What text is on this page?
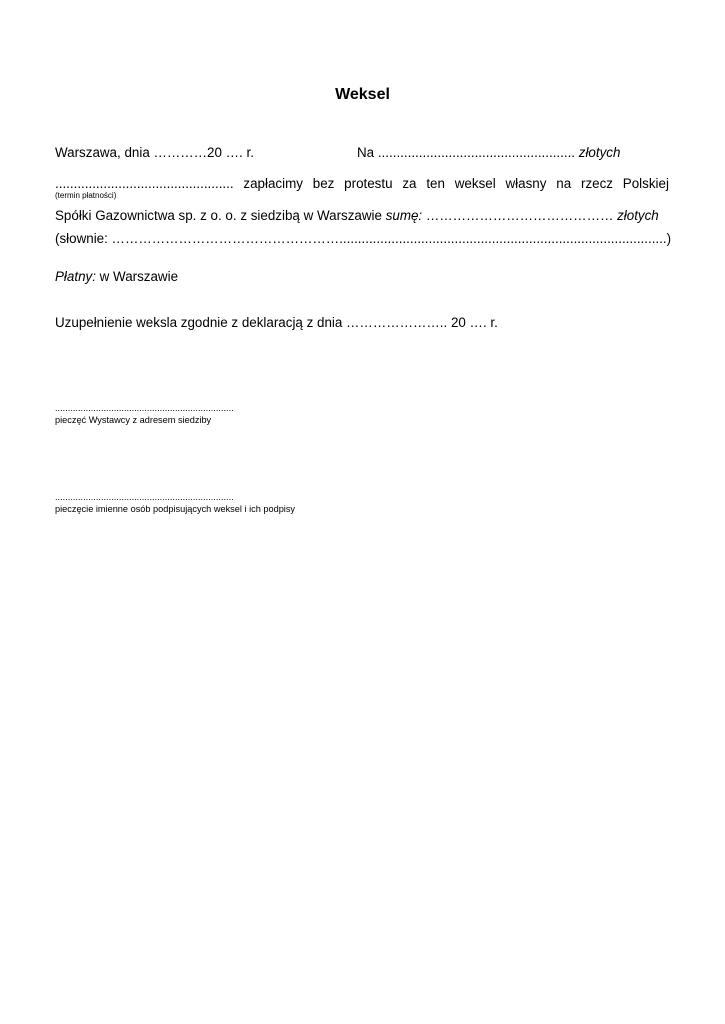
Weksel
Warszawa, dnia …………20 …. r.	Na ..................................................... złotych
................................................ zapłacimy bez protestu za ten weksel własny na rzecz Polskiej
(termin płatności)
Spółki Gazownictwa sp. z o. o. z siedzibą w Warszawie sumę: …………………………………… złotych
(słownie: ……………………………………………........................................................................................)
Płatny: w Warszawie
Uzupełnienie weksla zgodnie z deklaracją z dnia ………………….. 20 …. r.
......................................................................
pieczęć Wystawcy z adresem siedziby
......................................................................
pieczęcie imienne osób podpisujących weksel i ich podpisy
